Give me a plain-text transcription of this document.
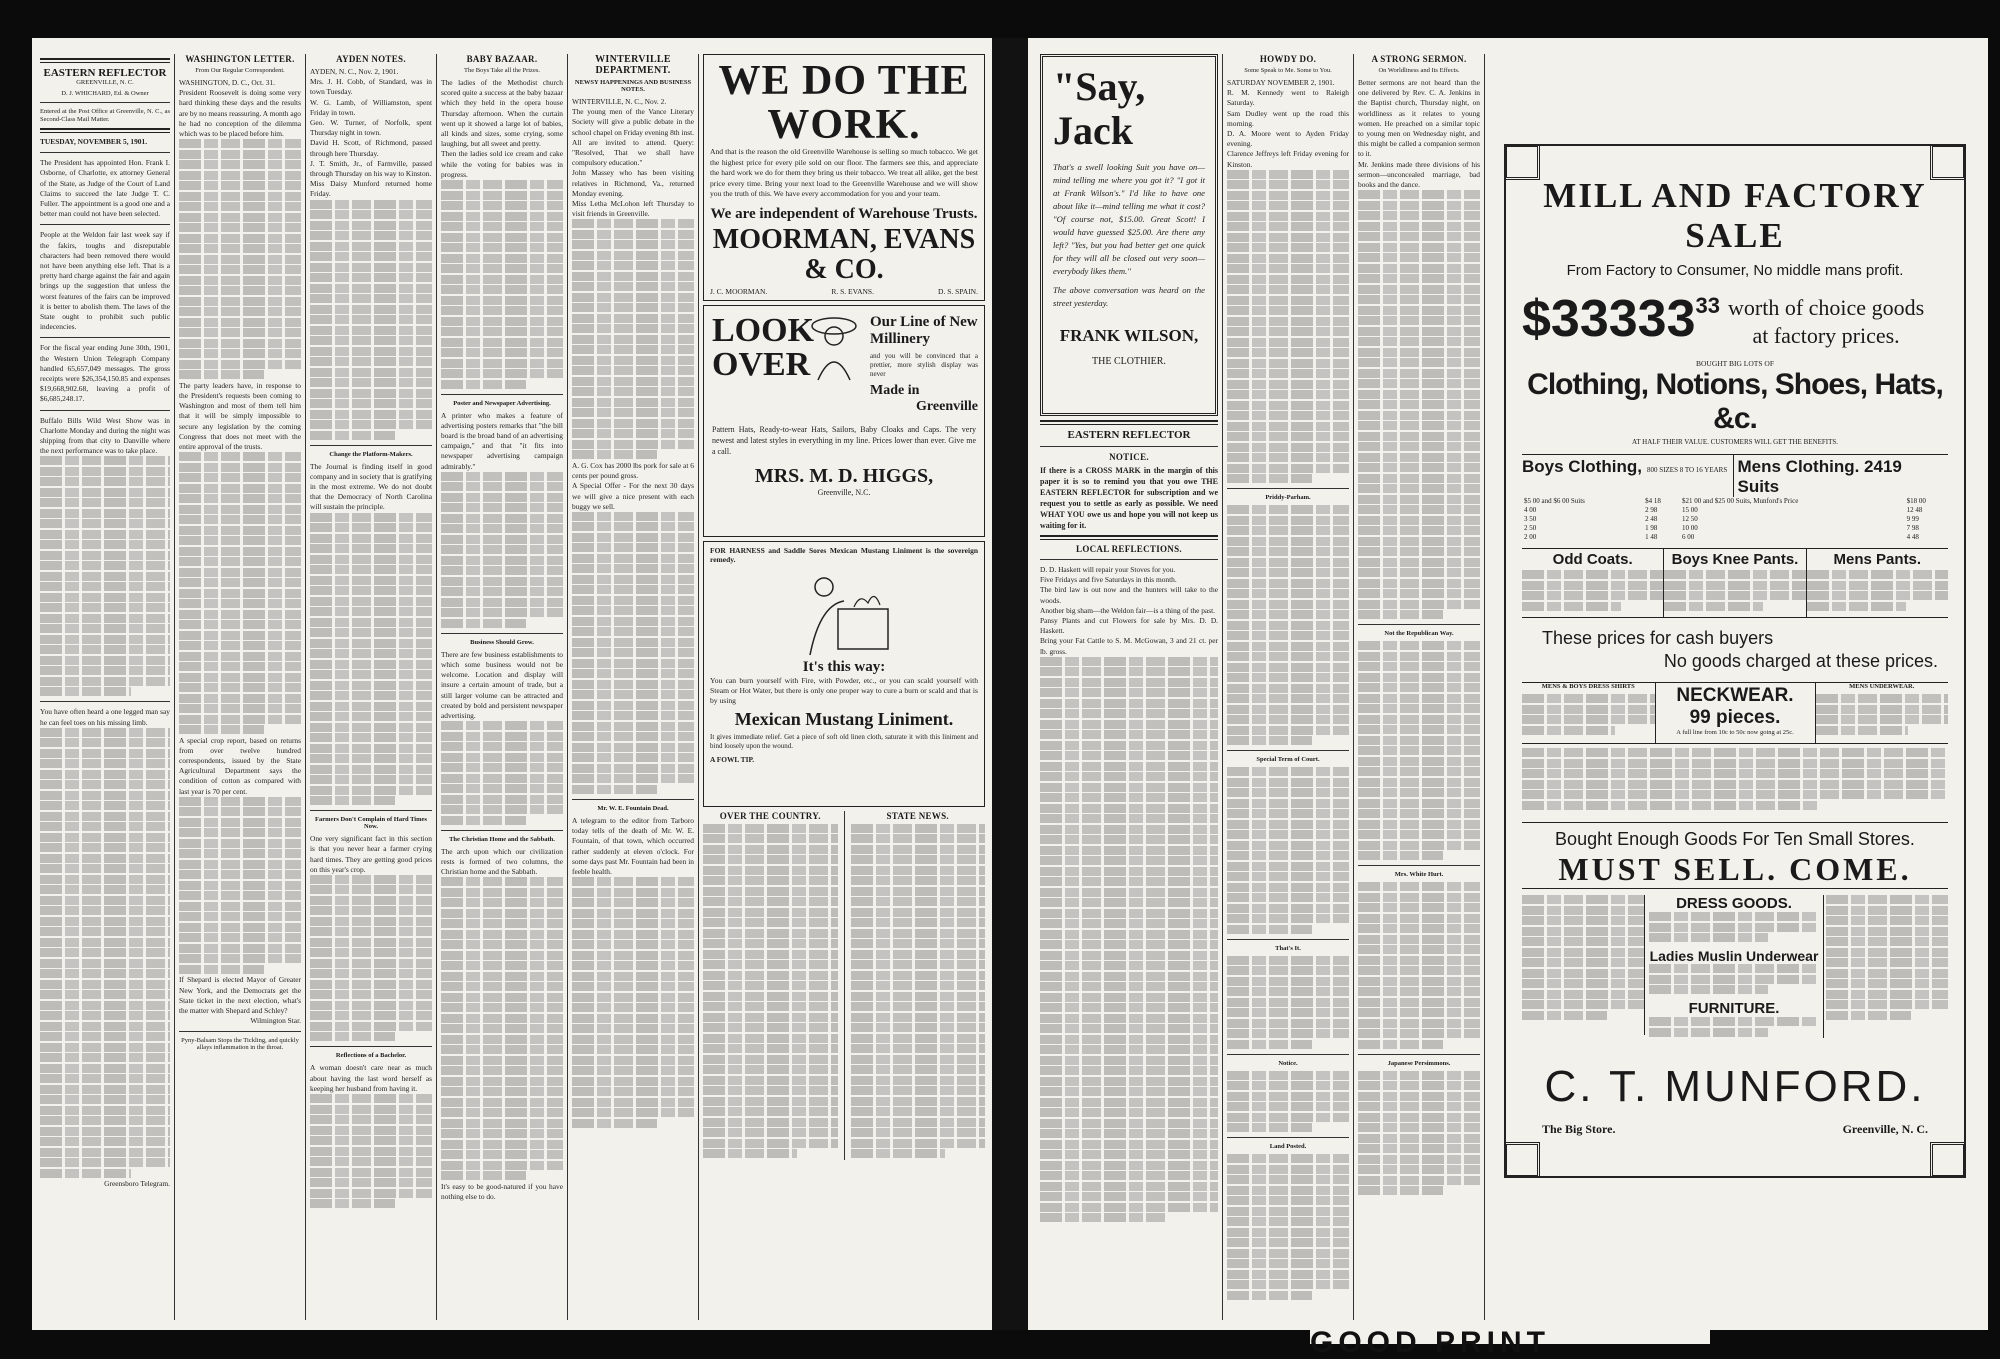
EASTERN REFLECTOR

GREENVILLE, N. C.

D. J. WHICHARD, Ed. & Owner

Entered at the Post Office at Greenville, N. C., as Second-Class Mail Matter.

TUESDAY, NOVEMBER 5, 1901.

The President has appointed Hon. Frank I. Osborne, of Charlotte, ex attorney General of the State, as Judge of the Court of Land Claims to succeed the late Judge T. C. Fuller. The appointment is a good one and a better man could not have been selected.

People at the Weldon fair last week say if the fakirs, toughs and disreputable characters had been removed there would not have been anything else left. That is a pretty hard charge against the fair and again brings up the suggestion that unless the worst features of the fairs can be improved it is better to abolish them. The laws of the State ought to prohibit such public indecencies.

For the fiscal year ending June 30th, 1901, the Western Union Telegraph Company handled 65,657,049 messages. The gross receipts were $26,354,150.85 and expenses $19,668,902.68, leaving a profit of $6,685,248.17.

Buffalo Bills Wild West Show was in Charlotte Monday and during the night was shipping from that city to Danville where the next performance was to take place.

You have often heard a one legged man say he can feel toes on his missing limb.

Greensboro Telegram.

WASHINGTON LETTER.

From Our Regular Correspondent.

WASHINGTON, D. C., Oct. 31.

President Roosevelt is doing some very hard thinking these days and the results are by no means reassuring. A month ago he had no conception of the dilemma which was to be placed before him.

The party leaders have, in response to the President's requests been coming to Washington and most of them tell him that it will be simply impossible to secure any legislation by the coming Congress that does not meet with the entire approval of the trusts.

A special crop report, based on returns from over twelve hundred correspondents, issued by the State Agricultural Department says the condition of cotton as compared with last year is 70 per cent.

If Shepard is elected Mayor of Greater New York, and the Democrats get the State ticket in the next election, what's the matter with Shepard and Schley?

Wilmington Star.

Pyny-Balsam Stops the Tickling, and quickly allays inflammation in the throat.

AYDEN NOTES.

AYDEN, N. C., Nov. 2, 1901.

Mrs. J. H. Cobb, of Standard, was in town Tuesday.

W. G. Lamb, of Williamston, spent Friday in town.

Geo. W. Turner, of Norfolk, spent Thursday night in town.

David H. Scott, of Richmond, passed through here Thursday.

J. T. Smith, Jr., of Farmville, passed through Thursday on his way to Kinston.

Miss Daisy Munford returned home Friday.

Change the Platform-Makers.

The Journal is finding itself in good company and in society that is gratifying in the most extreme. We do not doubt that the Democracy of North Carolina will sustain the principle.

Farmers Don't Complain of Hard Times Now.

One very significant fact in this section is that you never hear a farmer crying hard times. They are getting good prices on this year's crop.

Reflections of a Bachelor.

A woman doesn't care near as much about having the last word herself as keeping her husband from having it.

BABY BAZAAR.

The Boys Take all the Prizes.

The ladies of the Methodist church scored quite a success at the baby bazaar which they held in the opera house Thursday afternoon. When the curtain went up it showed a large lot of babies, all kinds and sizes, some crying, some laughing, but all sweet and pretty.

Then the ladies sold ice cream and cake while the voting for babies was in progress.

Poster and Newspaper Advertising.

A printer who makes a feature of advertising posters remarks that "the bill board is the broad band of an advertising campaign," and that "it fits into newspaper advertising campaign admirably."

Business Should Grow.

There are few business establishments to which some business would not be welcome. Location and display will insure a certain amount of trade, but a still larger volume can be attracted and created by bold and persistent newspaper advertising.

The Christian Home and the Sabbath.

The arch upon which our civilization rests is formed of two columns, the Christian home and the Sabbath.

It's easy to be good-natured if you have nothing else to do.

WINTERVILLE DEPARTMENT.

NEWSY HAPPENINGS AND BUSINESS NOTES.

WINTERVILLE, N. C., Nov. 2.

The young men of the Vance Literary Society will give a public debate in the school chapel on Friday evening 8th inst. All are invited to attend. Query: "Resolved, That we shall have compulsory education."

John Massey who has been visiting relatives in Richmond, Va., returned Monday evening.

Miss Letha McLohon left Thursday to visit friends in Greenville.

A. G. Cox has 2000 lbs pork for sale at 6 cents per pound gross.

A Special Offer - For the next 30 days we will give a nice present with each buggy we sell.

Mr. W. E. Fountain Dead.

A telegram to the editor from Tarboro today tells of the death of Mr. W. E. Fountain, of that town, which occurred rather suddenly at eleven o'clock. For some days past Mr. Fountain had been in feeble health.

WE DO THE WORK.

And that is the reason the old Greenville Warehouse is selling so much tobacco. We get the highest price for every pile sold on our floor. The farmers see this, and appreciate the hard work we do for them they bring us their tobacco. We treat all alike, get the best price every time. Bring your next load to the Greenville Warehouse and we will show you the truth of this. We have every accommodation for you and your team.

We are independent of Warehouse Trusts.

MOORMAN, EVANS & CO.

J. C. MOORMAN.	R. S. EVANS.	D. S. SPAIN.

LOOK

OVER

Our Line of New Millinery

and you will be convinced that a prettier, more stylish display was never

Made in

Greenville

Pattern Hats, Ready-to-wear Hats, Sailors, Baby Cloaks and Caps. The very newest and latest styles in everything in my line. Prices lower than ever. Give me a call.

MRS. M. D. HIGGS,

Greenville, N.C.

FOR HARNESS and Saddle Sores Mexican Mustang Liniment is the sovereign remedy.

It's this way:

You can burn yourself with Fire, with Powder, etc., or you can scald yourself with Steam or Hot Water, but there is only one proper way to cure a burn or scald and that is by using

Mexican Mustang Liniment.

It gives immediate relief. Get a piece of soft old linen cloth, saturate it with this liniment and bind loosely upon the wound.

A FOWL TIP.

OVER THE COUNTRY.	STATE NEWS.

"Say, Jack

That's a swell looking Suit you have on—mind telling me where you got it? "I got it at Frank Wilson's." I'd like to have one about like it—mind telling me what it cost? "Of course not, $15.00. Great Scott! I would have guessed $25.00. Are there any left? "Yes, but you had better get one quick for they will all be closed out very soon—everybody likes them."

The above conversation was heard on the street yesterday.

FRANK WILSON,

THE CLOTHIER.

EASTERN REFLECTOR

NOTICE.

If there is a CROSS MARK in the margin of this paper it is so to remind you that you owe THE EASTERN REFLECTOR for subscription and we request you to settle as early as possible. We need WHAT YOU owe us and hope you will not keep us waiting for it.

LOCAL REFLECTIONS.

D. D. Haskett will repair your Stoves for you.

Five Fridays and five Saturdays in this month.

The bird law is out now and the hunters will take to the woods.

Another big sham—the Weldon fair—is a thing of the past.

Pansy Plants and cut Flowers for sale by Mrs. D. D. Haskett.

Bring your Fat Cattle to S. M. McGowan, 3 and 21 ct. per lb. gross.

HOWDY DO.

Some Speak to Me. Some to You.

SATURDAY NOVEMBER 2, 1901.

R. M. Kennedy went to Raleigh Saturday.

Sam Dudley went up the road this morning.

D. A. Moore went to Ayden Friday evening.

Clarence Jeffreys left Friday evening for Kinston.

Priddy-Parham.

Special Term of Court.

That's It.

Notice.

Land Posted.

A STRONG SERMON.

On Worldliness and Its Effects.

Better sermons are not heard than the one delivered by Rev. C. A. Jenkins in the Baptist church, Thursday night, on worldliness as it relates to young women. He preached on a similar topic to young men on Wednesday night, and this might be called a companion sermon to it.

Mr. Jenkins made three divisions of his sermon—unconcealed marriage, bad books and the dance.

Not the Republican Way.

Mrs. White Hurt.

Japanese Persimmons.

MILL AND FACTORY SALE

From Factory to Consumer, No middle mans profit.

$33333 33 worth of choice goods

at factory prices.

BOUGHT BIG LOTS OF

Clothing, Notions, Shoes, Hats, &c.

AT HALF THEIR VALUE. CUSTOMERS WILL GET THE BENEFITS.

Boys Clothing, 800 SIZES 8 TO 16 YEARS Mens Clothing. 2419 Suits
$5 00 and $6 00 Suits	$4 18	$21 00 and $25 00 Suits, Munford's Price	$18 00
4 00	2 98	15 00	12 48
3 50	2 48	12 50	9 99
2 50	1 98	10 00	7 98
2 00	1 48	6 00	4 48

Odd Coats.	Boys Knee Pants.	Mens Pants.

These prices for cash buyers

No goods charged at these prices.

MENS & BOYS DRESS SHIRTS	NECKWEAR.

99 pieces.

A full line from 10c to 50c now going at 25c.

MENS UNDERWEAR.

Bought Enough Goods For Ten Small Stores.

MUST SELL. COME.

DRESS GOODS.

Ladies Muslin Underwear

FURNITURE.

C. T. MUNFORD.

The Big Store.	Greenville, N. C.
GOOD PRINT
